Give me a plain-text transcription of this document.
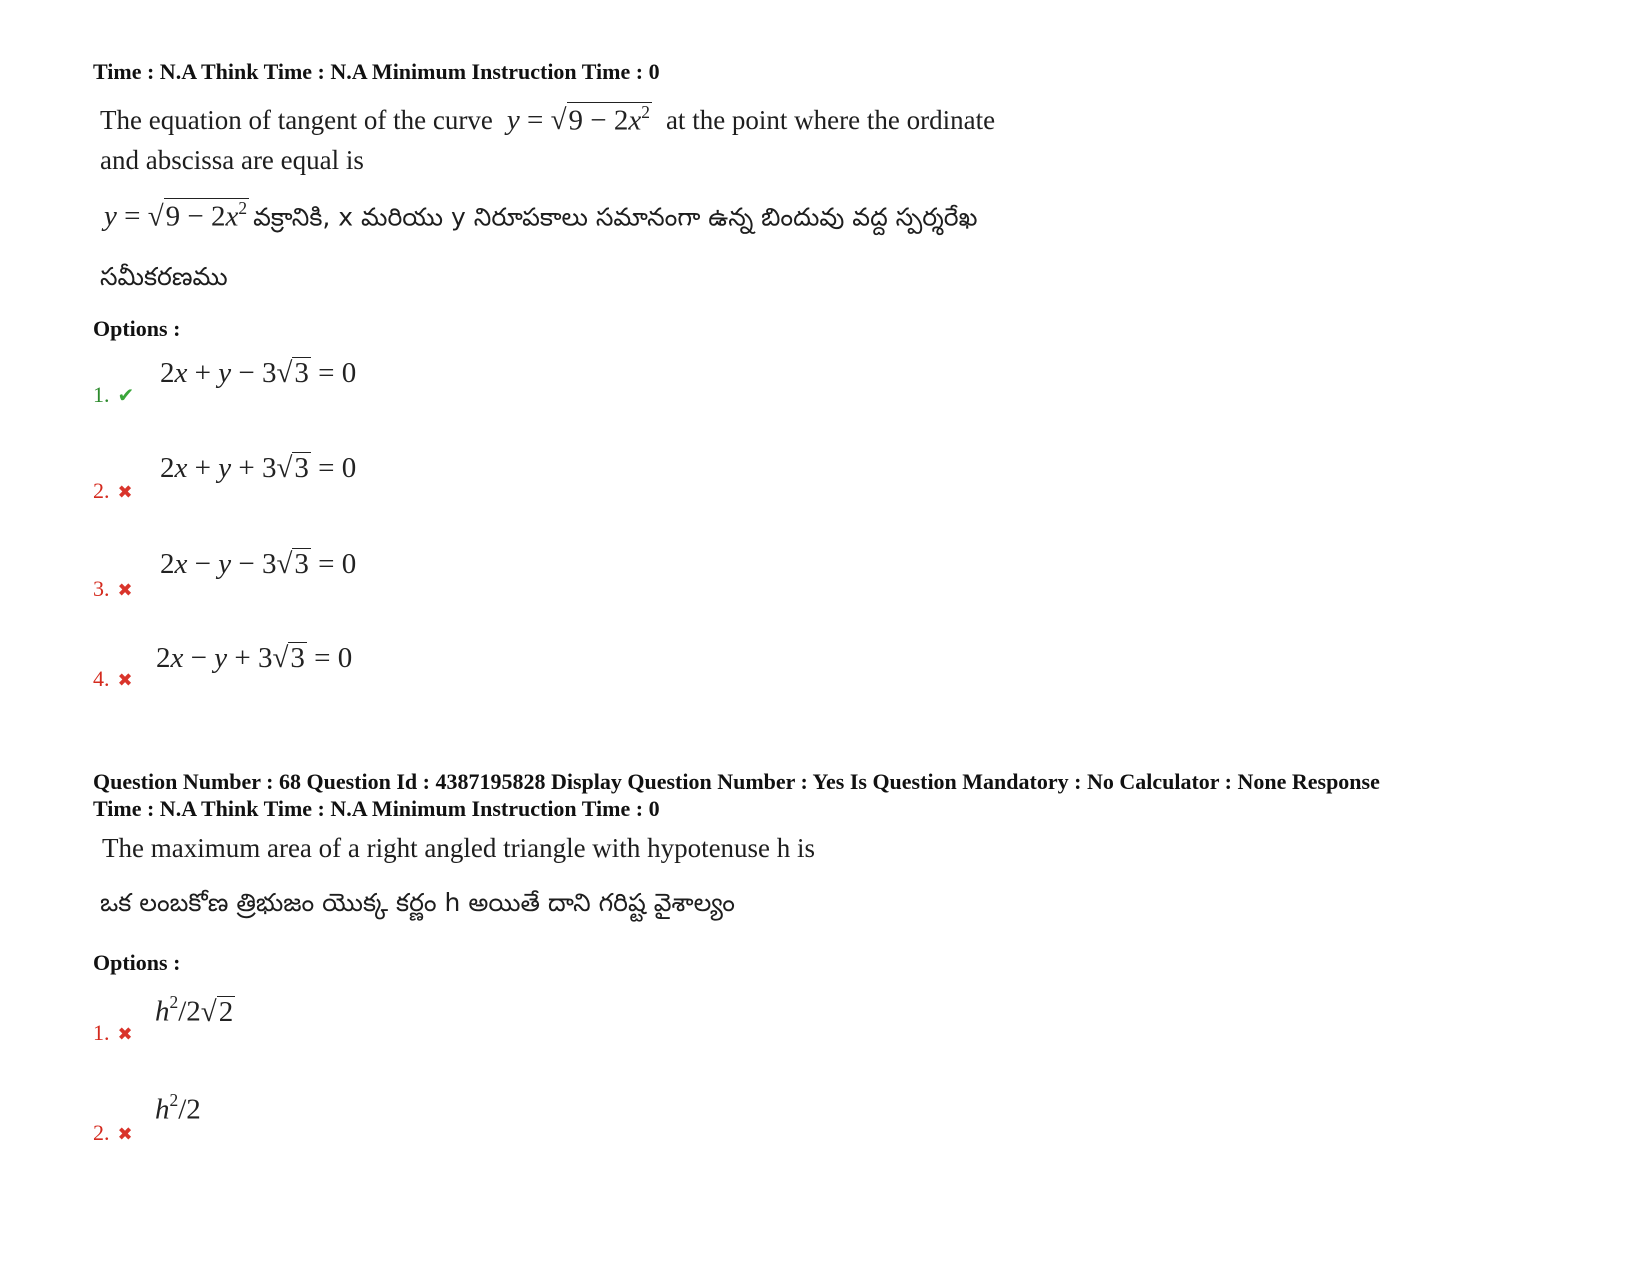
Time : N.A Think Time : N.A Minimum Instruction Time : 0
The equation of tangent of the curve $y = √9 - 2x^2$ at the point where the ordinate
and abscissa are equal is
$y = √9 - 2x^2$ వక్రానికి, x మరియు y నిరూపకాలు సమానంగా ఉన్న బిందువు వద్ద స్పర్శరేఖ
సమీకరణము
Options :
1. ✔
2x + y − 3√3 = 0
2. ✖
2x + y + 3√3 = 0
3. ✖
2x − y − 3√3 = 0
4. ✖
2x − y + 3√3 = 0
Question Number : 68 Question Id : 4387195828 Display Question Number : Yes Is Question Mandatory : No Calculator : None Response
Time : N.A Think Time : N.A Minimum Instruction Time : 0
The maximum area of a right angled triangle with hypotenuse h is
ఒక లంబకోణ త్రిభుజం యొక్క కర్ణం h అయితే దాని గరిష్ట వైశాల్యం
Options :
1. ✖
$h^2/2√2$
2. ✖
$h^2/2$
